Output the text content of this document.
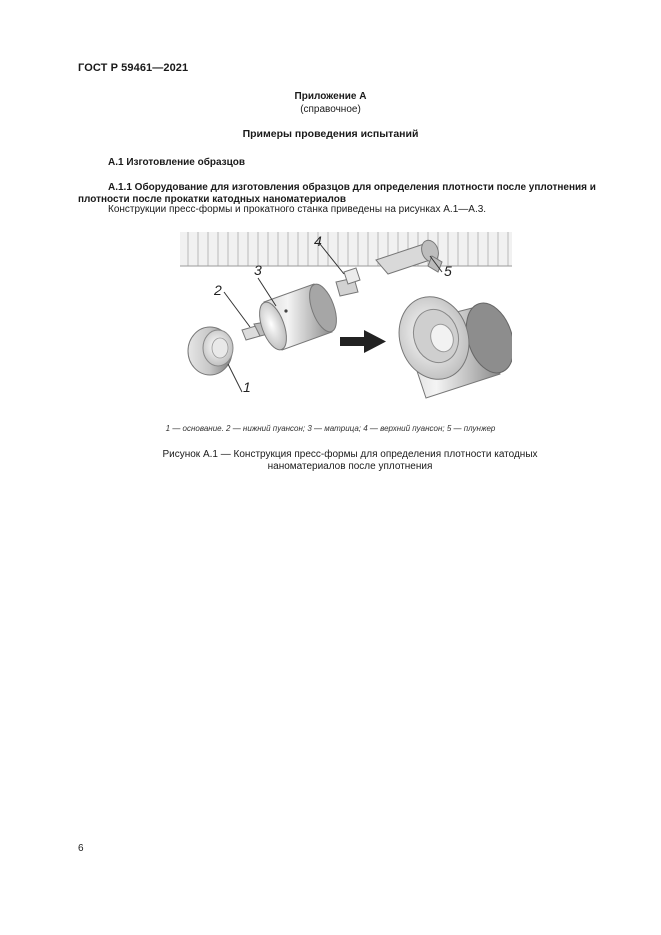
ГОСТ Р 59461—2021
Приложение А
(справочное)
Примеры проведения испытаний
А.1 Изготовление образцов
А.1.1 Оборудование для изготовления образцов для определения плотности после уплотнения и плотности после прокатки катодных наноматериалов
Конструкции пресс-формы и прокатного станка приведены на рисунках А.1—А.3.
4
3
2
5
1
1 — основание. 2 — нижний пуансон; 3 — матрица; 4 — верхний пуансон; 5 — плунжер
Рисунок А.1 — Конструкция пресс-формы для определения плотности катодных
наноматериалов после уплотнения
6
